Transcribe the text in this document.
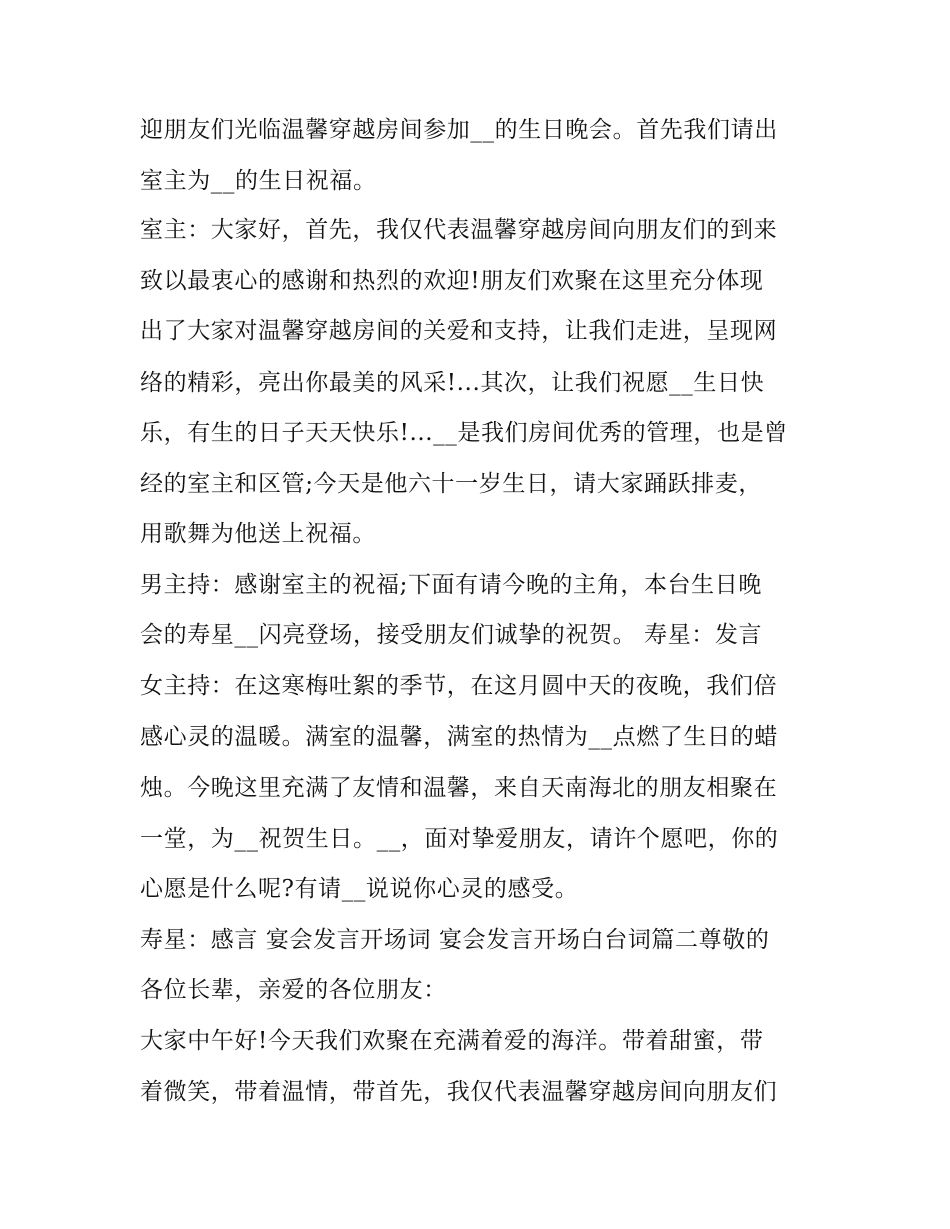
迎朋友们光临温馨穿越房间参加__的生日晚会。首先我们请出
室主为__的生日祝福。
室主：大家好，首先，我仅代表温馨穿越房间向朋友们的到来
致以最衷心的感谢和热烈的欢迎!朋友们欢聚在这里充分体现
出了大家对温馨穿越房间的关爱和支持，让我们走进，呈现网
络的精彩，亮出你最美的风采!...其次，让我们祝愿__生日快
乐，有生的日子天天快乐!...__是我们房间优秀的管理，也是曾
经的室主和区管;今天是他六十一岁生日，请大家踊跃排麦，
用歌舞为他送上祝福。
男主持：感谢室主的祝福;下面有请今晚的主角，本台生日晚
会的寿星__闪亮登场，接受朋友们诚挚的祝贺。 寿星：发言
女主持：在这寒梅吐絮的季节，在这月圆中天的夜晚，我们倍
感心灵的温暖。满室的温馨，满室的热情为__点燃了生日的蜡
烛。今晚这里充满了友情和温馨，来自天南海北的朋友相聚在
一堂，为__祝贺生日。__，面对挚爱朋友，请许个愿吧，你的
心愿是什么呢?有请__说说你心灵的感受。
寿星：感言 宴会发言开场词 宴会发言开场白台词篇二尊敬的
各位长辈，亲爱的各位朋友：
大家中午好!今天我们欢聚在充满着爱的海洋。带着甜蜜，带
着微笑，带着温情，带首先，我仅代表温馨穿越房间向朋友们
